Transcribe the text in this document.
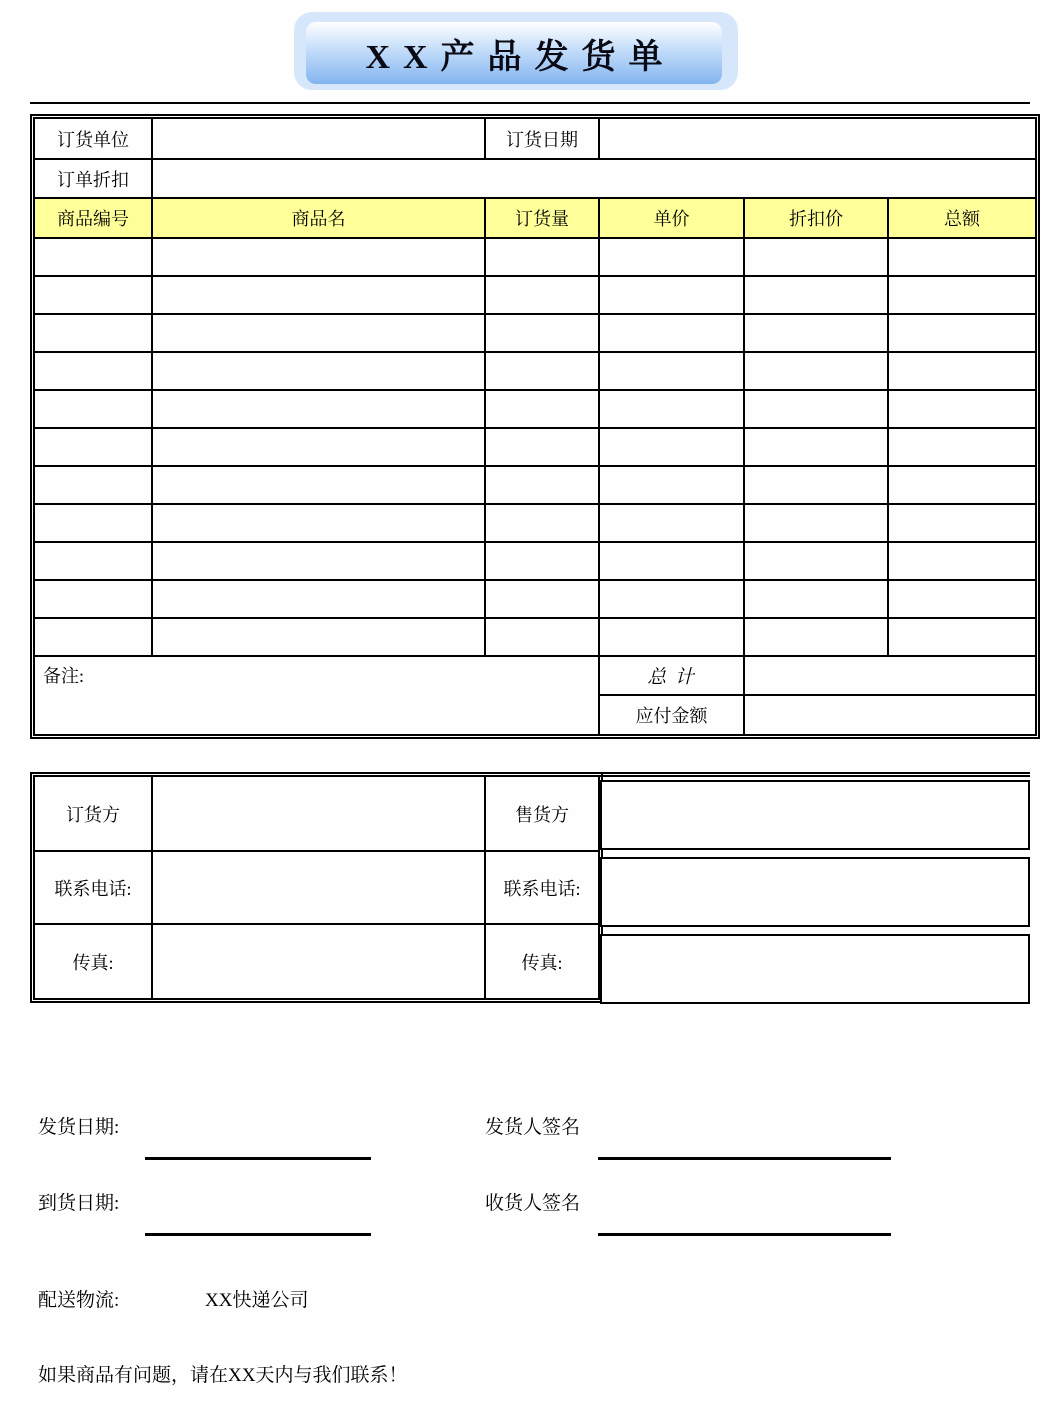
XX产品发货单
订货单位		订货日期			
订单折扣					
商品编号	商品名	订货量	单价	折扣价	总额

备注:			总 计		
			应付金额		
订货方		售货方
联系电话:		联系电话:
传真:		传真:
发货日期:	发货人签名
到货日期:	收货人签名
配送物流:	XX快递公司
如果商品有问题，请在XX天内与我们联系！
